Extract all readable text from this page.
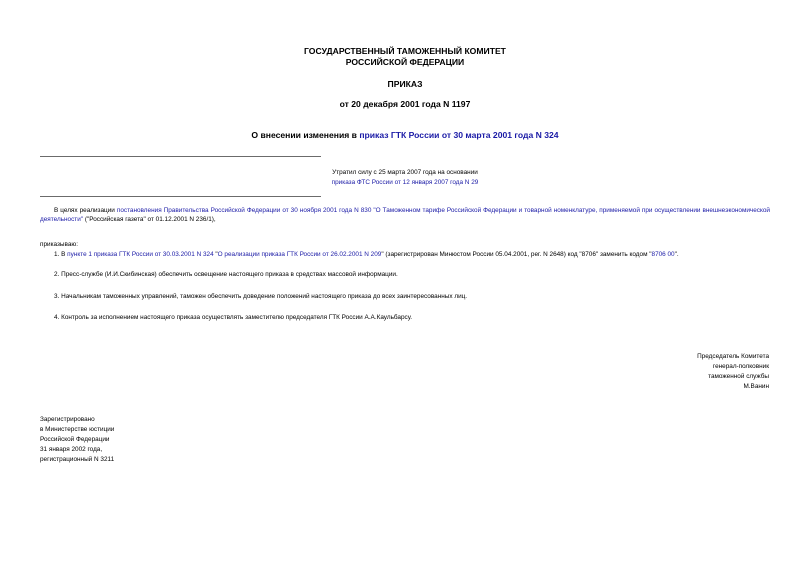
ГОСУДАРСТВЕННЫЙ ТАМОЖЕННЫЙ КОМИТЕТ
РОССИЙСКОЙ ФЕДЕРАЦИИ
ПРИКАЗ
от 20 декабря 2001 года N 1197
О внесении изменения в приказ ГТК России от 30 марта 2001 года N 324
Утратил силу с 25 марта 2007 года на основании
приказа ФТС России от 12 января 2007 года N 29
В целях реализации постановления Правительства Российской Федерации от 30 ноября 2001 года N 830 "О Таможенном тарифе Российской Федерации и товарной номенклатуре, применяемой при осуществлении внешнеэкономической деятельности" ("Российская газета" от 01.12.2001 N 236/1),
приказываю:
1. В пункте 1 приказа ГТК России от 30.03.2001 N 324 "О реализации приказа ГТК России от 26.02.2001 N 209" (зарегистрирован Минюстом России 05.04.2001, рег. N 2648) код "8706" заменить кодом "8706 00".
2. Пресс-службе (И.И.Скибинская) обеспечить освещение настоящего приказа в средствах массовой информации.
3. Начальникам таможенных управлений, таможен обеспечить доведение положений настоящего приказа до всех заинтересованных лиц.
4. Контроль за исполнением настоящего приказа осуществлять заместителю председателя ГТК России А.А.Каульбарсу.
Председатель Комитета
генерал-полковник
таможенной службы
М.Ванин
Зарегистрировано
в Министерстве юстиции
Российской Федерации
31 января 2002 года,
регистрационный N 3211
